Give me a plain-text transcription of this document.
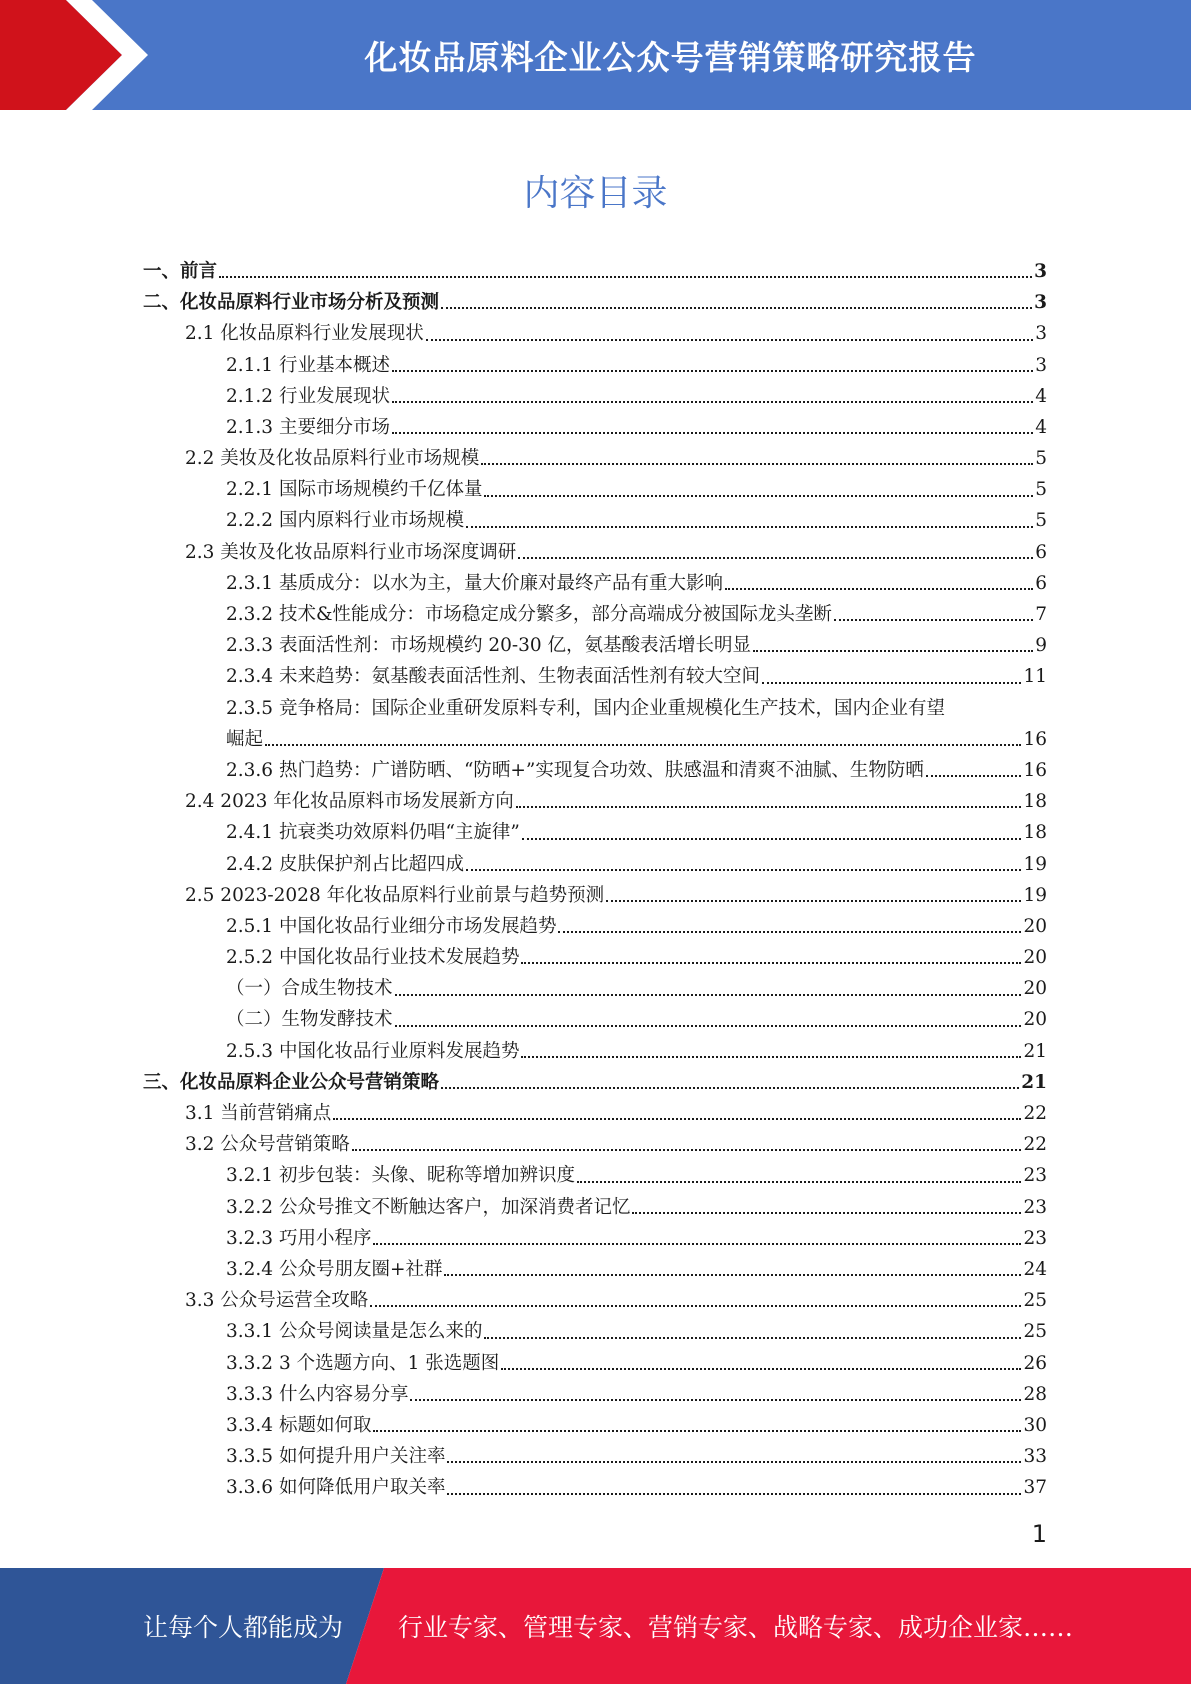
化妆品原料企业公众号营销策略研究报告
内容目录
一、前言	3
二、化妆品原料行业市场分析及预测	3
2.1 化妆品原料行业发展现状	3
2.1.1 行业基本概述	3
2.1.2 行业发展现状	4
2.1.3 主要细分市场	4
2.2 美妆及化妆品原料行业市场规模	5
2.2.1 国际市场规模约千亿体量	5
2.2.2 国内原料行业市场规模	5
2.3 美妆及化妆品原料行业市场深度调研	6
2.3.1 基质成分：以水为主，量大价廉对最终产品有重大影响	6
2.3.2 技术&性能成分：市场稳定成分繁多，部分高端成分被国际龙头垄断	7
2.3.3 表面活性剂：市场规模约 20-30 亿，氨基酸表活增长明显	9
2.3.4 未来趋势：氨基酸表面活性剂、生物表面活性剂有较大空间	11
2.3.5 竞争格局：国际企业重研发原料专利，国内企业重规模化生产技术，国内企业有望
崛起	16
2.3.6 热门趋势：广谱防晒、“防晒+”实现复合功效、肤感温和清爽不油腻、生物防晒	16
2.4 2023 年化妆品原料市场发展新方向	18
2.4.1 抗衰类功效原料仍唱“主旋律”	18
2.4.2 皮肤保护剂占比超四成	19
2.5 2023-2028 年化妆品原料行业前景与趋势预测	19
2.5.1 中国化妆品行业细分市场发展趋势	20
2.5.2 中国化妆品行业技术发展趋势	20
（一）合成生物技术	20
（二）生物发酵技术	20
2.5.3 中国化妆品行业原料发展趋势	21
三、化妆品原料企业公众号营销策略	21
3.1 当前营销痛点	22
3.2 公众号营销策略	22
3.2.1 初步包装：头像、昵称等增加辨识度	23
3.2.2 公众号推文不断触达客户，加深消费者记忆	23
3.2.3 巧用小程序	23
3.2.4 公众号朋友圈+社群	24
3.3 公众号运营全攻略	25
3.3.1 公众号阅读量是怎么来的	25
3.3.2 3 个选题方向、1 张选题图	26
3.3.3 什么内容易分享	28
3.3.4 标题如何取	30
3.3.5 如何提升用户关注率	33
3.3.6 如何降低用户取关率	37
1
让每个人都能成为 行业专家、管理专家、营销专家、战略专家、成功企业家……
